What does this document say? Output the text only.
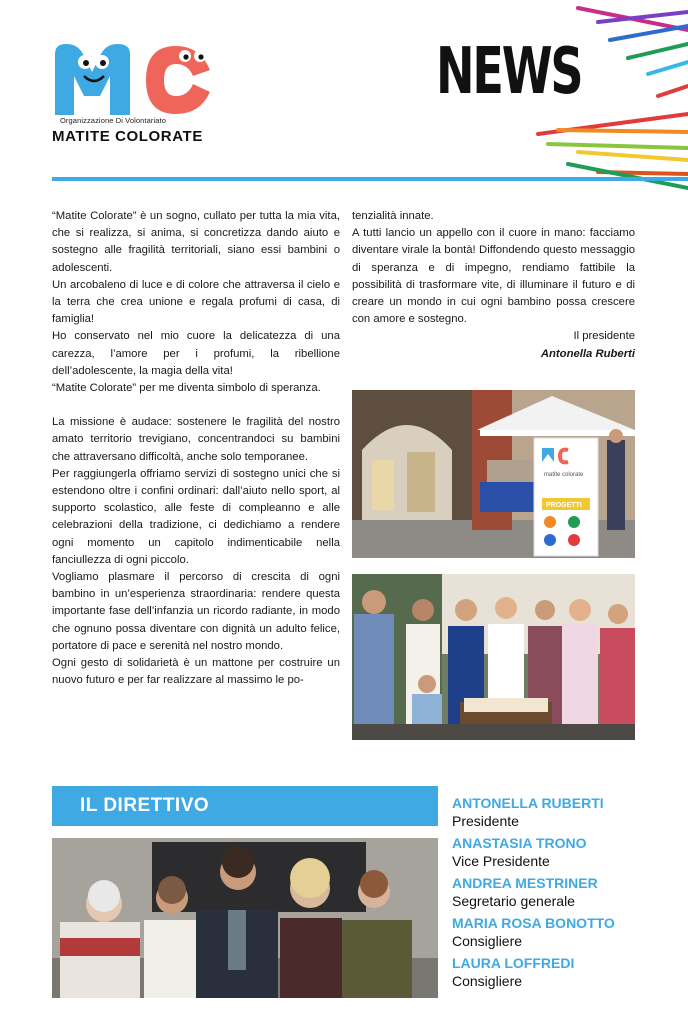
Organizzazione Di Volontariato
MATITE COLORATE
NEWS

“Matite Colorate” è un sogno, cullato per tutta la mia vita, che si realizza, si anima, si concretizza dando aiuto e sostegno alle fragilità territoriali, siano essi bambini o adolescenti.

Un arcobaleno di luce e di colore che attraversa il cielo e la terra che crea unione e regala profumi di casa, di famiglia!

Ho conservato nel mio cuore la delicatezza di una carezza, l’amore per i profumi, la ribellione dell’adolescente, la magia della vita!

“Matite Colorate” per me diventa simbolo di speranza.

La missione è audace: sostenere le fragilità del nostro amato territorio trevigiano, concentrandoci su bambini che attraversano difficoltà, anche solo temporanee.

Per raggiungerla offriamo servizi di sostegno unici che si estendono oltre i confini ordinari: dall’aiuto nello sport, al supporto scolastico, alle feste di compleanno e alle celebrazioni della tradizione, ci dedichiamo a rendere ogni momento un capitolo indimenticabile nella fanciullezza di ogni piccolo.

Vogliamo plasmare il percorso di crescita di ogni bambino in un’esperienza straordinaria: rendere questa importante fase dell’infanzia un ricordo radiante, in modo che ognuno possa diventare con dignità un adulto felice, portatore di pace e serenità nel nostro mondo.

Ogni gesto di solidarietà è un mattone per costruire un nuovo futuro e per far realizzare al massimo le po-

tenzialità innate.

A tutti lancio un appello con il cuore in mano: facciamo diventare virale la bontà! Diffondendo questo messaggio di speranza e di impegno, rendiamo fattibile la possibilità di trasformare vite, di illuminare il futuro e di creare un mondo in cui ogni bambino possa crescere con amore e sostegno.

Il presidente

Antonella Ruberti

matite colorate
PROGETTI
IL DIRETTIVO	ANTONELLA RUBERTI
Presidente
ANASTASIA TRONO
Vice Presidente
ANDREA MESTRINER
Segretario generale
MARIA ROSA BONOTTO
Consigliere
LAURA LOFFREDI
Consigliere
